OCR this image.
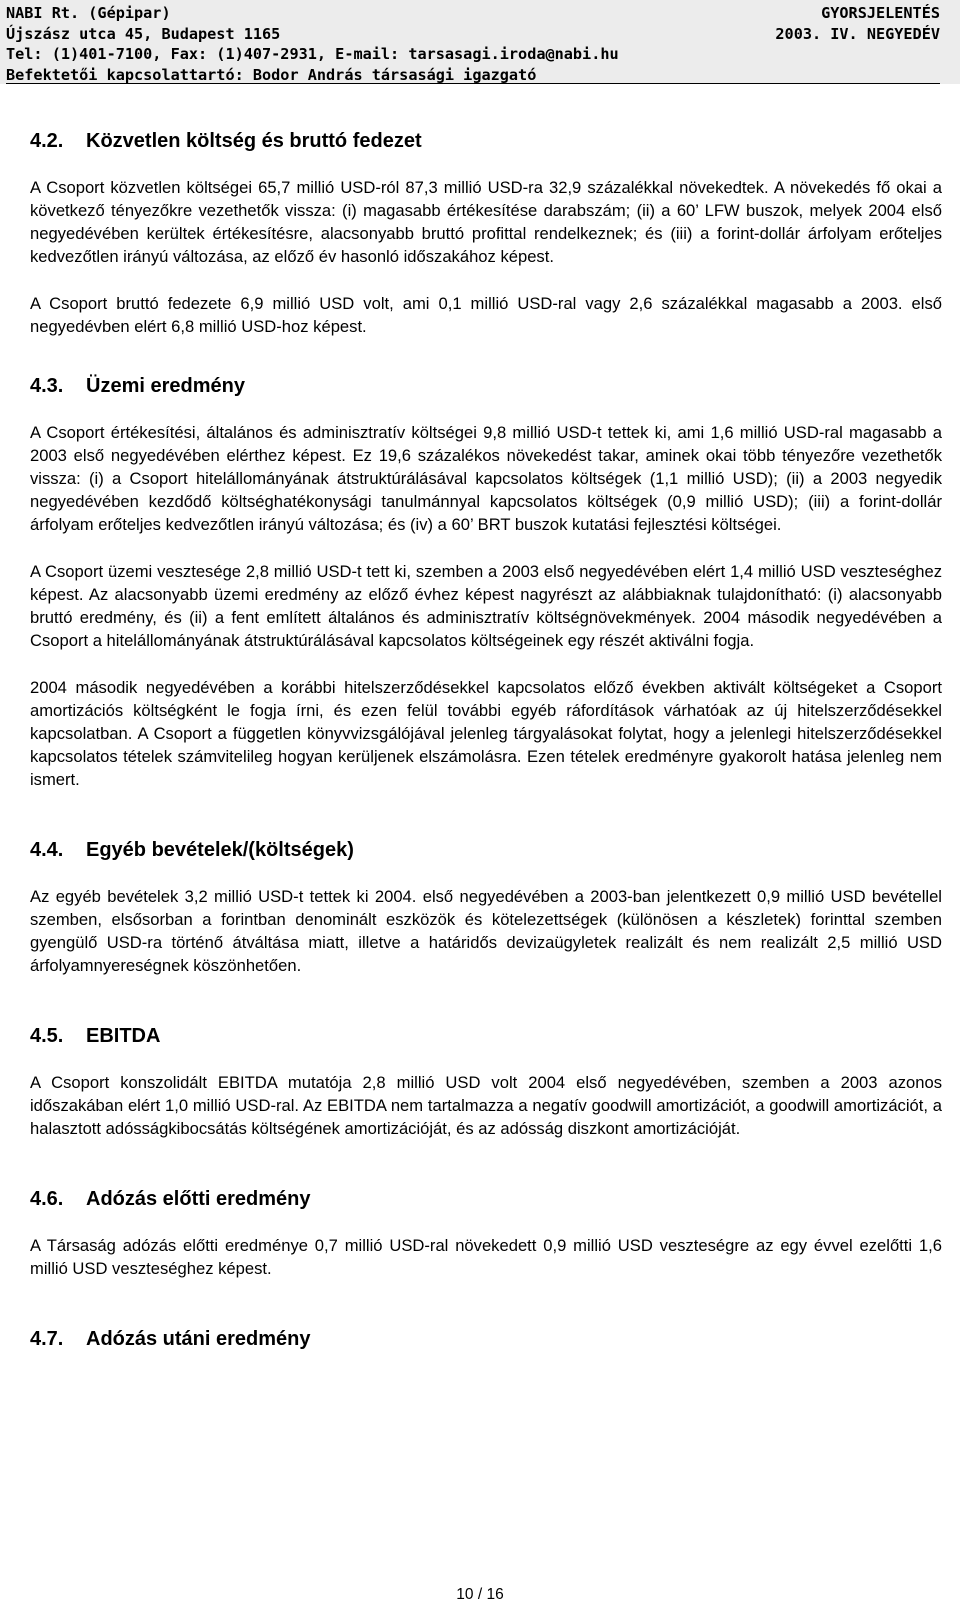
NABI Rt. (Gépipar)
Újszász utca 45, Budapest 1165
Tel: (1)401-7100, Fax: (1)407-2931, E-mail: tarsasagi.iroda@nabi.hu
Befektetői kapcsolattartó: Bodor András társasági igazgató
GYORSJELENTÉS
2003. IV. NEGYEDÉV
4.2.	Közvetlen költség és bruttó fedezet

A Csoport közvetlen költségei 65,7 millió USD-ról 87,3 millió USD-ra 32,9 százalékkal növekedtek. A növekedés fő okai a következő tényezőkre vezethetők vissza: (i) magasabb értékesítése darabszám; (ii) a 60’ LFW buszok, melyek 2004 első negyedévében kerültek értékesítésre, alacsonyabb bruttó profittal rendelkeznek; és (iii) a forint-dollár árfolyam erőteljes kedvezőtlen irányú változása, az előző év hasonló időszakához képest.

A Csoport bruttó fedezete 6,9 millió USD volt, ami 0,1 millió USD-ral vagy 2,6 százalékkal magasabb a 2003. első negyedévben elért 6,8 millió USD-hoz képest.

4.3.	Üzemi eredmény

A Csoport értékesítési, általános és adminisztratív költségei 9,8 millió USD-t tettek ki, ami 1,6 millió USD-ral magasabb a 2003 első negyedévében elérthez képest. Ez 19,6 százalékos növekedést takar, aminek okai több tényezőre vezethetők vissza: (i) a Csoport hitelállományának átstruktúrálásával kapcsolatos költségek (1,1 millió USD); (ii) a 2003 negyedik negyedévében kezdődő költséghatékonysági tanulmánnyal kapcsolatos költségek (0,9 millió USD); (iii) a forint-dollár árfolyam erőteljes kedvezőtlen irányú változása; és (iv) a 60’ BRT buszok kutatási fejlesztési költségei.

A Csoport üzemi vesztesége 2,8 millió USD-t tett ki, szemben a 2003 első negyedévében elért 1,4 millió USD veszteséghez képest. Az alacsonyabb üzemi eredmény az előző évhez képest nagyrészt az alábbiaknak tulajdonítható: (i) alacsonyabb bruttó eredmény, és (ii) a fent említett általános és adminisztratív költségnövekmények. 2004 második negyedévében a Csoport a hitelállományának átstruktúrálásával kapcsolatos költségeinek egy részét aktiválni fogja.

2004 második negyedévében a korábbi hitelszerződésekkel kapcsolatos előző években aktivált költségeket a Csoport amortizációs költségként le fogja írni, és ezen felül további egyéb ráfordítások várhatóak az új hitelszerződésekkel kapcsolatban. A Csoport a független könyvvizsgálójával jelenleg tárgyalásokat folytat, hogy a jelenlegi hitelszerződésekkel kapcsolatos tételek számvitelileg hogyan kerüljenek elszámolásra. Ezen tételek eredményre gyakorolt hatása jelenleg nem ismert.

4.4.	Egyéb bevételek/(költségek)

Az egyéb bevételek 3,2 millió USD-t tettek ki 2004. első negyedévében a 2003-ban jelentkezett 0,9 millió USD bevétellel szemben, elsősorban a forintban denominált eszközök és kötelezettségek (különösen a készletek) forinttal szemben gyengülő USD-ra történő átváltása miatt, illetve a határidős devizaügyletek realizált és nem realizált 2,5 millió USD árfolyamnyereségnek köszönhetően.

4.5.	EBITDA

A Csoport konszolidált EBITDA mutatója 2,8 millió USD volt 2004 első negyedévében, szemben a 2003 azonos időszakában elért 1,0 millió USD-ral. Az EBITDA nem tartalmazza a negatív goodwill amortizációt, a goodwill amortizációt, a halasztott adósságkibocsátás költségének amortizációját, és az adósság diszkont amortizációját.

4.6.	Adózás előtti eredmény

A Társaság adózás előtti eredménye 0,7 millió USD-ral növekedett 0,9 millió USD veszteségre az egy évvel ezelőtti 1,6 millió USD veszteséghez képest.

4.7.	Adózás utáni eredmény
10 / 16
